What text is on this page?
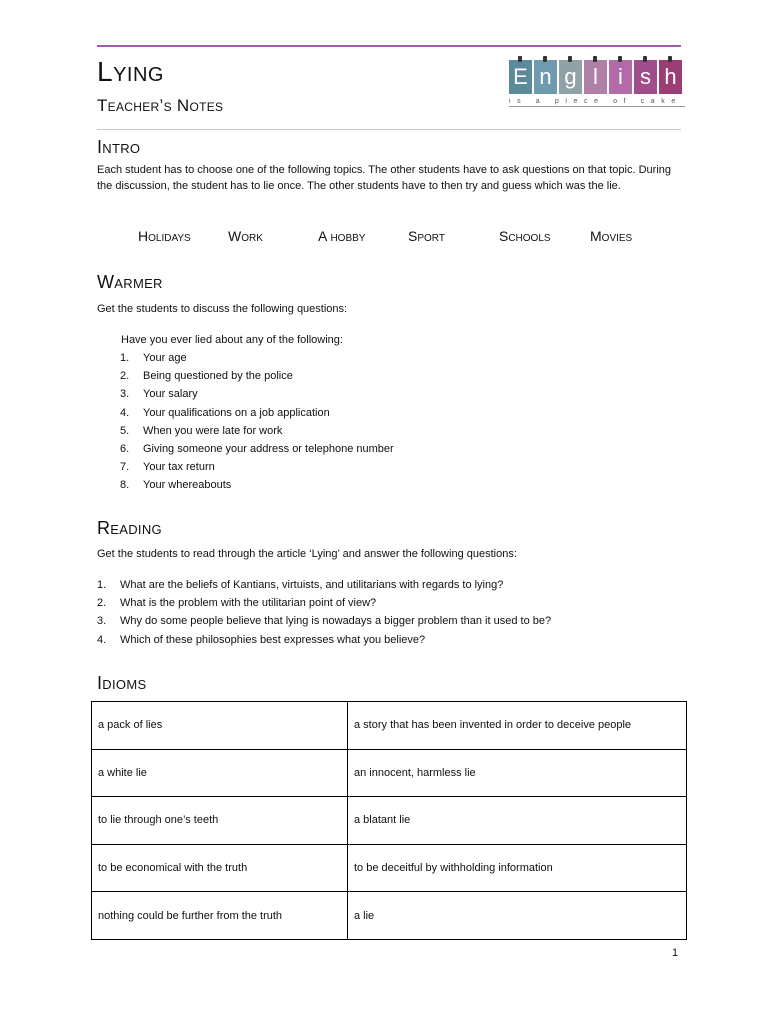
Lying
Teacher’s Notes
E n g l i s h
is a piece of cake
Intro
Each student has to choose one of the following topics. The other students have to ask questions on that topic. During the discussion, the student has to lie once. The other students have to then try and guess which was the lie.
Holidays	Work	A hobby	Sport	Schools	Movies
Warmer
Get the students to discuss the following questions:
Have you ever lied about any of the following:
1. Your age
2. Being questioned by the police
3. Your salary
4. Your qualifications on a job application
5. When you were late for work
6. Giving someone your address or telephone number
7. Your tax return
8. Your whereabouts
Reading
Get the students to read through the article ‘Lying’ and answer the following questions:
1. What are the beliefs of Kantians, virtuists, and utilitarians with regards to lying?
2. What is the problem with the utilitarian point of view?
3. Why do some people believe that lying is nowadays a bigger problem than it used to be?
4. Which of these philosophies best expresses what you believe?
Idioms
a pack of lies	a story that has been invented in order to deceive people
a white lie	an innocent, harmless lie
to lie through one’s teeth	a blatant lie
to be economical with the truth	to be deceitful by withholding information
nothing could be further from the truth	a lie
1
